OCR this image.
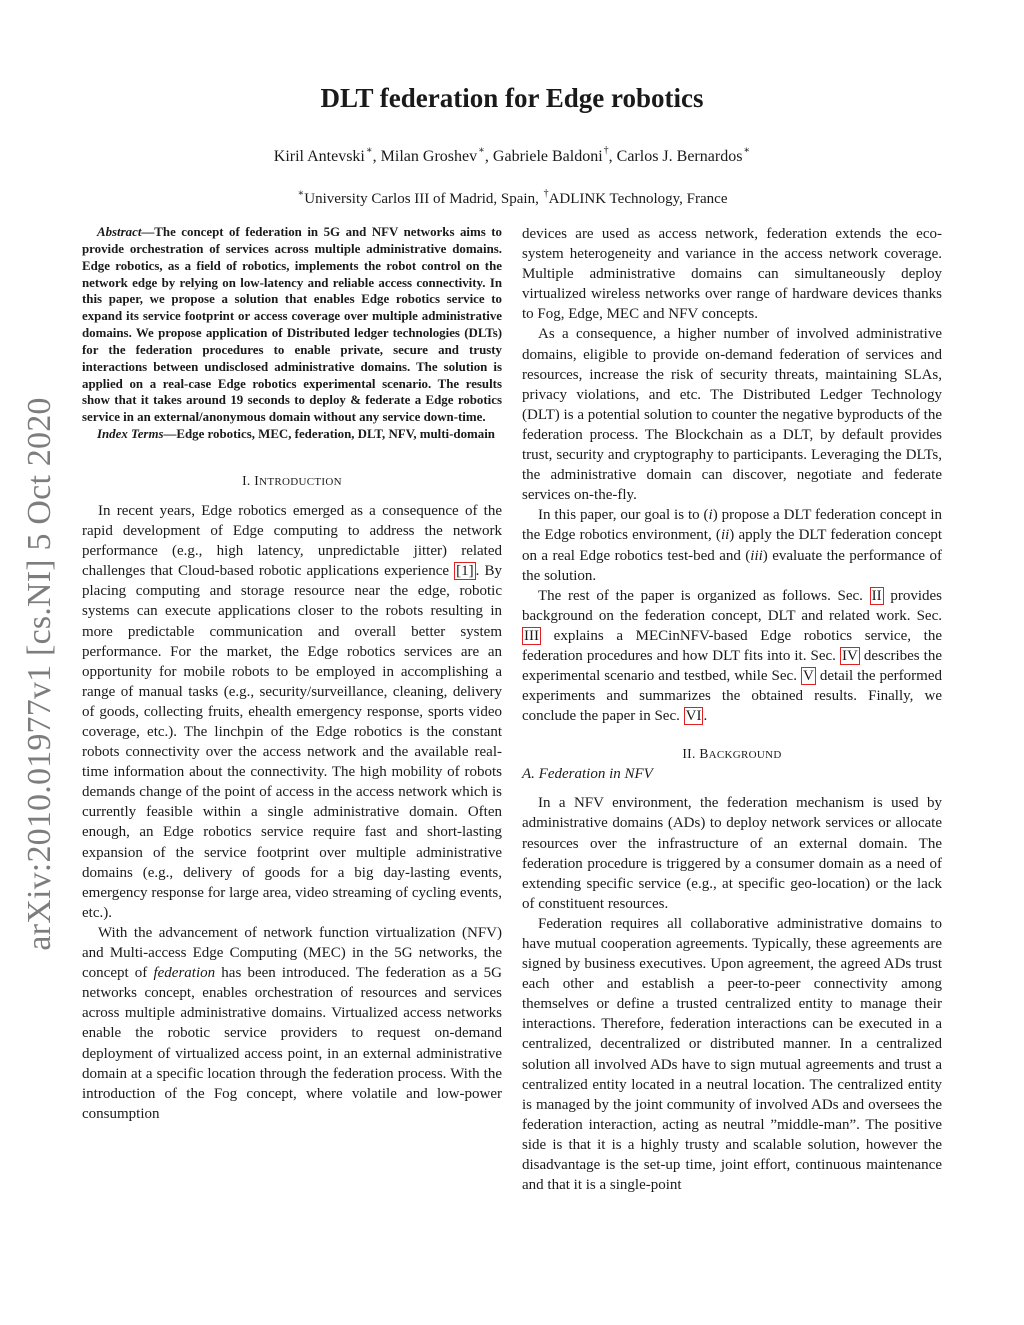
arXiv:2010.01977v1 [cs.NI] 5 Oct 2020
DLT federation for Edge robotics
Kiril Antevski∗, Milan Groshev∗, Gabriele Baldoni†, Carlos J. Bernardos∗
∗University Carlos III of Madrid, Spain, †ADLINK Technology, France

Abstract—The concept of federation in 5G and NFV networks aims to provide orchestration of services across multiple administrative domains. Edge robotics, as a field of robotics, implements the robot control on the network edge by relying on low-latency and reliable access connectivity. In this paper, we propose a solution that enables Edge robotics service to expand its service footprint or access coverage over multiple administrative domains. We propose application of Distributed ledger technologies (DLTs) for the federation procedures to enable private, secure and trusty interactions between undisclosed administrative domains. The solution is applied on a real-case Edge robotics experimental scenario. The results show that it takes around 19 seconds to deploy & federate a Edge robotics service in an external/anonymous domain without any service down-time.

Index Terms—Edge robotics, MEC, federation, DLT, NFV, multi-domain

I. INTRODUCTION

In recent years, Edge robotics emerged as a consequence of the rapid development of Edge computing to address the network performance (e.g., high latency, unpredictable jitter) related challenges that Cloud-based robotic applications experience [1] . By placing computing and storage resource near the edge, robotic systems can execute applications closer to the robots resulting in more predictable communication and overall better system performance. For the market, the Edge robotics services are an opportunity for mobile robots to be employed in accomplishing a range of manual tasks (e.g., security/surveillance, cleaning, delivery of goods, collecting fruits, ehealth emergency response, sports video coverage, etc.). The linchpin of the Edge robotics is the constant robots connectivity over the access network and the available real-time information about the connectivity. The high mobility of robots demands change of the point of access in the access network which is currently feasible within a single administrative domain. Often enough, an Edge robotics service require fast and short-lasting expansion of the service footprint over multiple administrative domains (e.g., delivery of goods for a big day-lasting events, emergency response for large area, video streaming of cycling events, etc.).

With the advancement of network function virtualization (NFV) and Multi-access Edge Computing (MEC) in the 5G networks, the concept of federation has been introduced. The federation as a 5G networks concept, enables orchestration of resources and services across multiple administrative domains. Virtualized access networks enable the robotic service providers to request on-demand deployment of virtualized access point, in an external administrative domain at a specific location through the federation process. With the introduction of the Fog concept, where volatile and low-power consumption

devices are used as access network, federation extends the eco-system heterogeneity and variance in the access network coverage. Multiple administrative domains can simultaneously deploy virtualized wireless networks over range of hardware devices thanks to Fog, Edge, MEC and NFV concepts.

As a consequence, a higher number of involved administrative domains, eligible to provide on-demand federation of services and resources, increase the risk of security threats, maintaining SLAs, privacy violations, and etc. The Distributed Ledger Technology (DLT) is a potential solution to counter the negative byproducts of the federation process. The Blockchain as a DLT, by default provides trust, security and cryptography to participants. Leveraging the DLTs, the administrative domain can discover, negotiate and federate services on-the-fly.

In this paper, our goal is to (i) propose a DLT federation concept in the Edge robotics environment, (ii) apply the DLT federation concept on a real Edge robotics test-bed and (iii) evaluate the performance of the solution.

The rest of the paper is organized as follows. Sec. II provides background on the federation concept, DLT and related work. Sec. III explains a MECinNFV-based Edge robotics service, the federation procedures and how DLT fits into it. Sec. IV describes the experimental scenario and testbed, while Sec. V detail the performed experiments and summarizes the obtained results. Finally, we conclude the paper in Sec. VI .

II. BACKGROUND
A. Federation in NFV

In a NFV environment, the federation mechanism is used by administrative domains (ADs) to deploy network services or allocate resources over the infrastructure of an external domain. The federation procedure is triggered by a consumer domain as a need of extending specific service (e.g., at specific geo-location) or the lack of constituent resources.

Federation requires all collaborative administrative domains to have mutual cooperation agreements. Typically, these agreements are signed by business executives. Upon agreement, the agreed ADs trust each other and establish a peer-to-peer connectivity among themselves or define a trusted centralized entity to manage their interactions. Therefore, federation interactions can be executed in a centralized, decentralized or distributed manner. In a centralized solution all involved ADs have to sign mutual agreements and trust a centralized entity located in a neutral location. The centralized entity is managed by the joint community of involved ADs and oversees the federation interaction, acting as neutral ”middle-man”. The positive side is that it is a highly trusty and scalable solution, however the disadvantage is the set-up time, joint effort, continuous maintenance and that it is a single-point
